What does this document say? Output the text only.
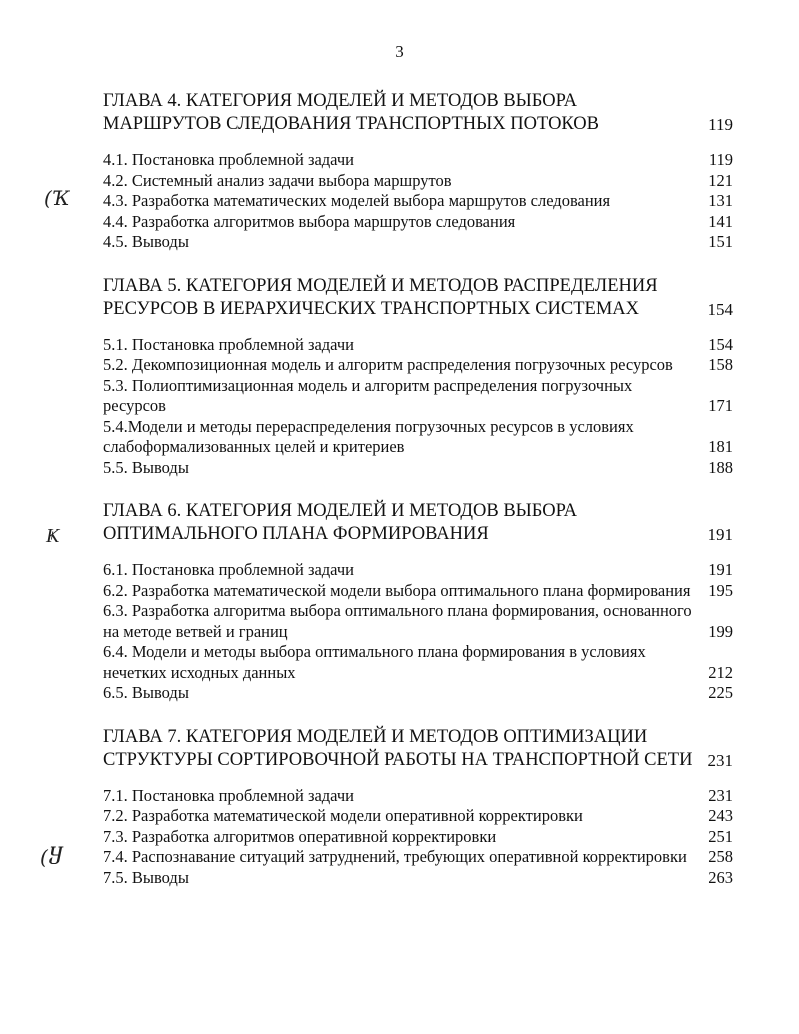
3
ГЛАВА 4. КАТЕГОРИЯ МОДЕЛЕЙ И МЕТОДОВ ВЫБОРА МАРШРУТОВ СЛЕДОВАНИЯ ТРАНСПОРТНЫХ ПОТОКОВ	119
4.1. Постановка проблемной задачи	119
4.2. Системный анализ задачи выбора маршрутов	121
4.3. Разработка математических моделей выбора маршрутов следования	131
4.4. Разработка алгоритмов выбора маршрутов следования	141
4.5. Выводы	151
ГЛАВА 5. КАТЕГОРИЯ МОДЕЛЕЙ И МЕТОДОВ РАСПРЕДЕЛЕНИЯ РЕСУРСОВ В ИЕРАРХИЧЕСКИХ ТРАНСПОРТНЫХ СИСТЕМАХ	154
5.1. Постановка проблемной задачи	154
5.2. Декомпозиционная модель и алгоритм распределения погрузочных ресурсов	158
5.3. Полиоптимизационная модель и алгоритм распределения погрузочных ресурсов	171
5.4.Модели и методы перераспределения погрузочных ресурсов в условиях слабоформализованных целей и критериев	181
5.5. Выводы	188
ГЛАВА 6. КАТЕГОРИЯ МОДЕЛЕЙ И МЕТОДОВ ВЫБОРА ОПТИМАЛЬНОГО ПЛАНА ФОРМИРОВАНИЯ	191
6.1. Постановка проблемной задачи	191
6.2. Разработка математической модели выбора оптимального плана формирования 195
6.3. Разработка алгоритма выбора оптимального плана формирования, основанного на методе ветвей и границ	199
6.4. Модели и методы выбора оптимального плана формирования в условиях нечетких исходных данных	212
6.5. Выводы	225
ГЛАВА 7. КАТЕГОРИЯ МОДЕЛЕЙ И МЕТОДОВ ОПТИМИЗАЦИИ СТРУКТУРЫ СОРТИРОВОЧНОЙ РАБОТЫ НА ТРАНСПОРТНОЙ СЕТИ 231
7.1. Постановка проблемной задачи	231
7.2. Разработка математической модели оперативной корректировки	243
7.3. Разработка алгоритмов оперативной корректировки	251
7.4. Распознавание ситуаций затруднений, требующих оперативной корректировки	258
7.5. Выводы	263
(Ҡ
Ҝ
(Ⴘ
